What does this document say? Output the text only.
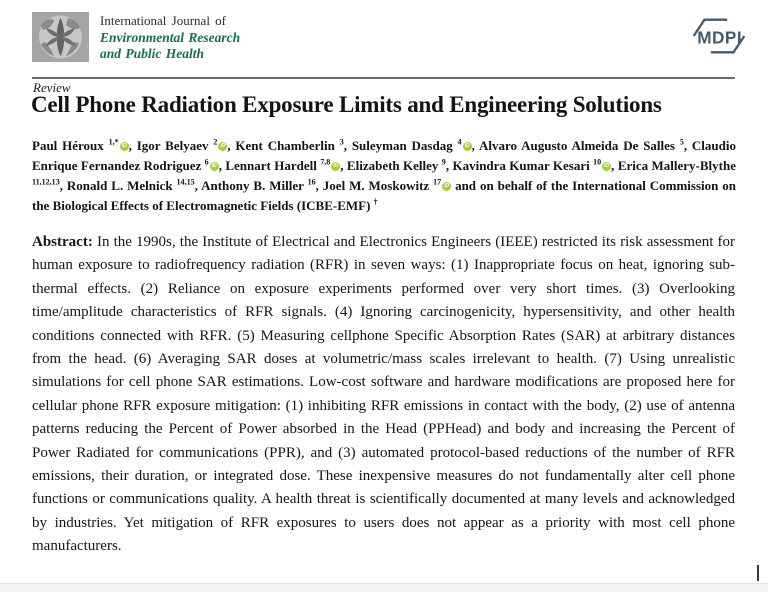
International Journal of
Environmental Research
and Public Health
MDPI
Review
Cell Phone Radiation Exposure Limits and Engineering Solutions

Paul Héroux $^{1,*}$ iD , Igor Belyaev $^2$ iD , Kent Chamberlin $^3$, Suleyman Dasdag $^4$ iD , Alvaro Augusto Almeida De Salles $^5$, Claudio Enrique Fernandez Rodriguez $^6$ iD , Lennart Hardell $^{7,8}$ iD , Elizabeth Kelley $^9$, Kavindra Kumar Kesari $^{10}$ iD , Erica Mallery-Blythe $^{11,12,13}$, Ronald L. Melnick $^{14,15}$, Anthony B. Miller $^{16}$, Joel M. Moskowitz $^{17}$ iD and on behalf of the International Commission on the Biological Effects of Electromagnetic Fields (ICBE-EMF) †

Abstract: In the 1990s, the Institute of Electrical and Electronics Engineers (IEEE) restricted its risk assessment for human exposure to radiofrequency radiation (RFR) in seven ways: (1) Inappropriate focus on heat, ignoring sub-thermal effects. (2) Reliance on exposure experiments performed over very short times. (3) Overlooking time/amplitude characteristics of RFR signals. (4) Ignoring carcinogenicity, hypersensitivity, and other health conditions connected with RFR. (5) Measuring cellphone Specific Absorption Rates (SAR) at arbitrary distances from the head. (6) Averaging SAR doses at volumetric/mass scales irrelevant to health. (7) Using unrealistic simulations for cell phone SAR estimations. Low-cost software and hardware modifications are proposed here for cellular phone RFR exposure mitigation: (1) inhibiting RFR emissions in contact with the body, (2) use of antenna patterns reducing the Percent of Power absorbed in the Head (PPHead) and body and increasing the Percent of Power Radiated for communications (PPR), and (3) automated protocol-based reductions of the number of RFR emissions, their duration, or integrated dose. These inexpensive measures do not fundamentally alter cell phone functions or communications quality. A health threat is scientifically documented at many levels and acknowledged by industries. Yet mitigation of RFR exposures to users does not appear as a priority with most cell phone manufacturers.
